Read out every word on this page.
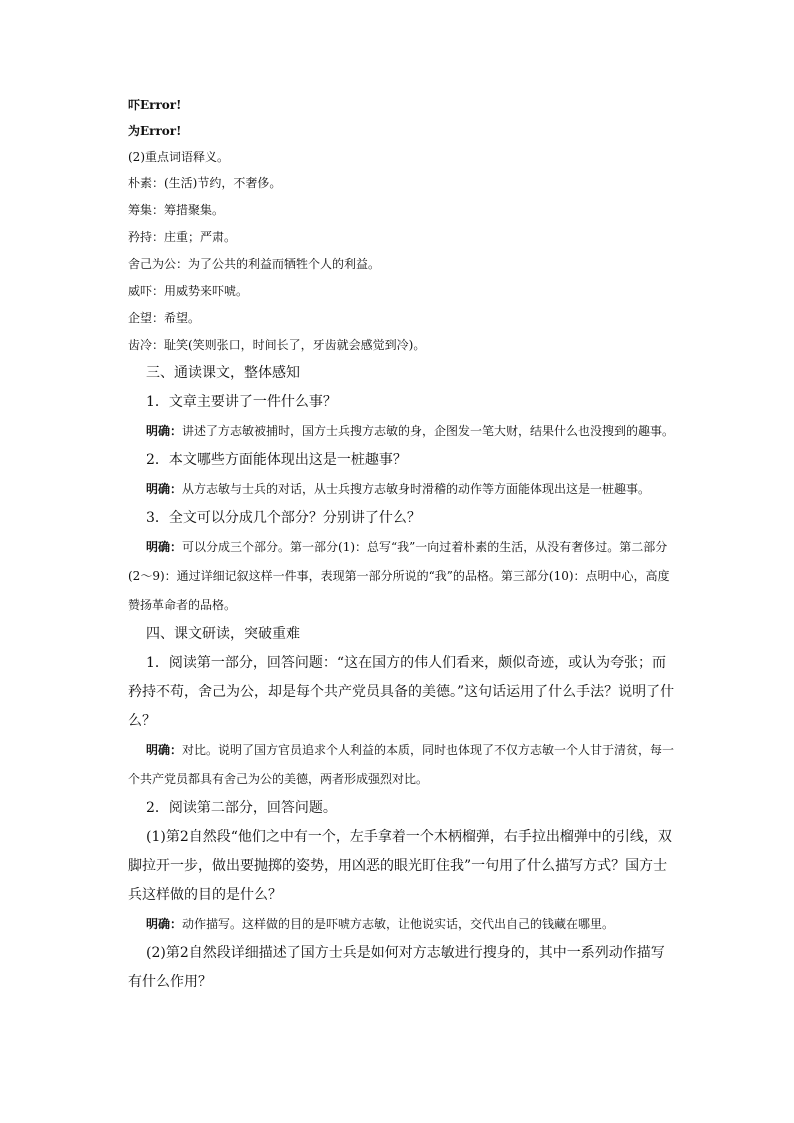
吓Error!

为Error!

(2)重点词语释义。

朴素：(生活)节约，不奢侈。

筹集：筹措聚集。

矜持：庄重；严肃。

舍己为公：为了公共的利益而牺牲个人的利益。

威吓：用威势来吓唬。

企望：希望。

齿冷：耻笑(笑则张口，时间长了，牙齿就会感觉到冷)。

三、通读课文，整体感知

1．文章主要讲了一件什么事？

明确：讲述了方志敏被捕时，国方士兵搜方志敏的身，企图发一笔大财，结果什么也没搜到的趣事。

2．本文哪些方面能体现出这是一桩趣事？

明确：从方志敏与士兵的对话，从士兵搜方志敏身时滑稽的动作等方面能体现出这是一桩趣事。

3．全文可以分成几个部分？分别讲了什么？

明确：可以分成三个部分。第一部分(1)：总写“我”一向过着朴素的生活，从没有奢侈过。第二部分(2～9)：通过详细记叙这样一件事，表现第一部分所说的“我”的品格。第三部分(10)：点明中心，高度赞扬革命者的品格。

四、课文研读，突破重难

1．阅读第一部分，回答问题：“这在国方的伟人们看来，颇似奇迹，或认为夸张；而矜持不苟，舍己为公，却是每个共产党员具备的美德。”这句话运用了什么手法？说明了什么？

明确：对比。说明了国方官员追求个人利益的本质，同时也体现了不仅方志敏一个人甘于清贫，每一个共产党员都具有舍己为公的美德，两者形成强烈对比。

2．阅读第二部分，回答问题。

(1)第2自然段“他们之中有一个，左手拿着一个木柄榴弹，右手拉出榴弹中的引线，双脚拉开一步，做出要抛掷的姿势，用凶恶的眼光盯住我”一句用了什么描写方式？国方士兵这样做的目的是什么？

明确：动作描写。这样做的目的是吓唬方志敏，让他说实话，交代出自己的钱藏在哪里。

(2)第2自然段详细描述了国方士兵是如何对方志敏进行搜身的，其中一系列动作描写有什么作用？
